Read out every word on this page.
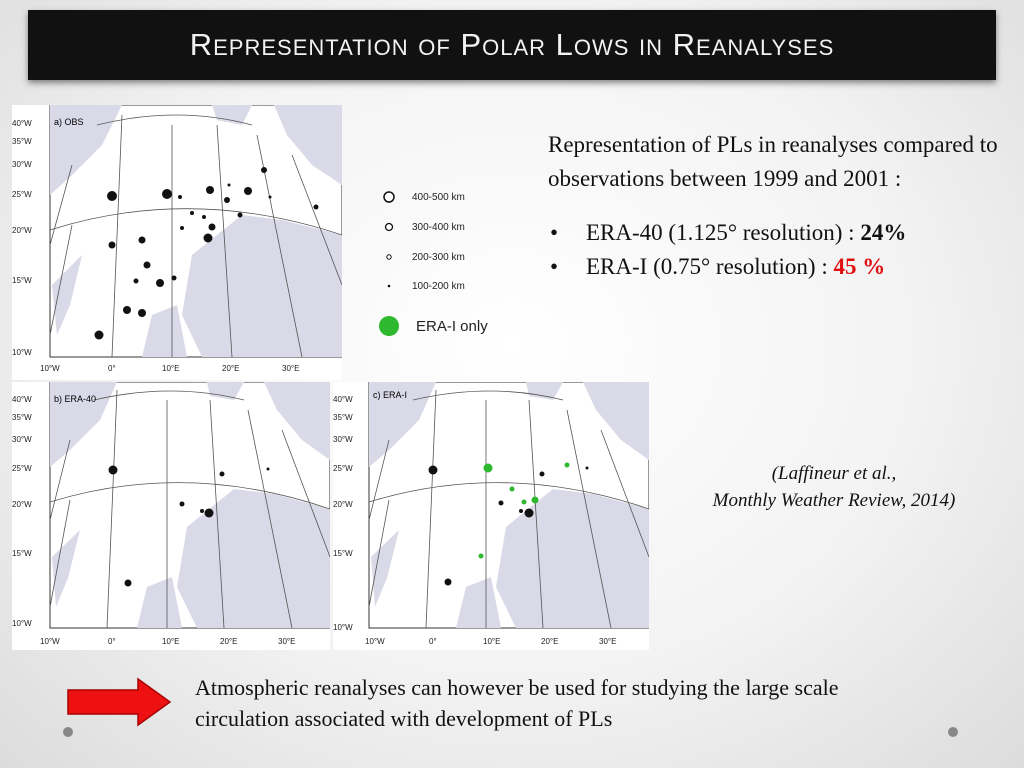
Representation of Polar Lows in Reanalyses
a) OBS
40°W
35°W
30°W
25°W
20°W
15°W
10°W
10°W	0°	10°E	20°E	30°E
400-500 km
300-400 km
200-300 km
100-200 km
ERA-I only
b) ERA-40
40°W
35°W
30°W
25°W
20°W
15°W
10°W
10°W	0°	10°E	20°E	30°E
c) ERA-I
40°W
35°W
30°W
25°W
20°W
15°W
10°W
10°W	0°	10°E	20°E	30°E
Representation of PLs in reanalyses compared to observations between 1999 and 2001 :
• ERA-40 (1.125° resolution) : 24%
• ERA-I (0.75° resolution) : 45 %
(Laffineur et al.,
Monthly Weather Review, 2014)
Atmospheric reanalyses can however be used for studying the large scale circulation associated with development of PLs
